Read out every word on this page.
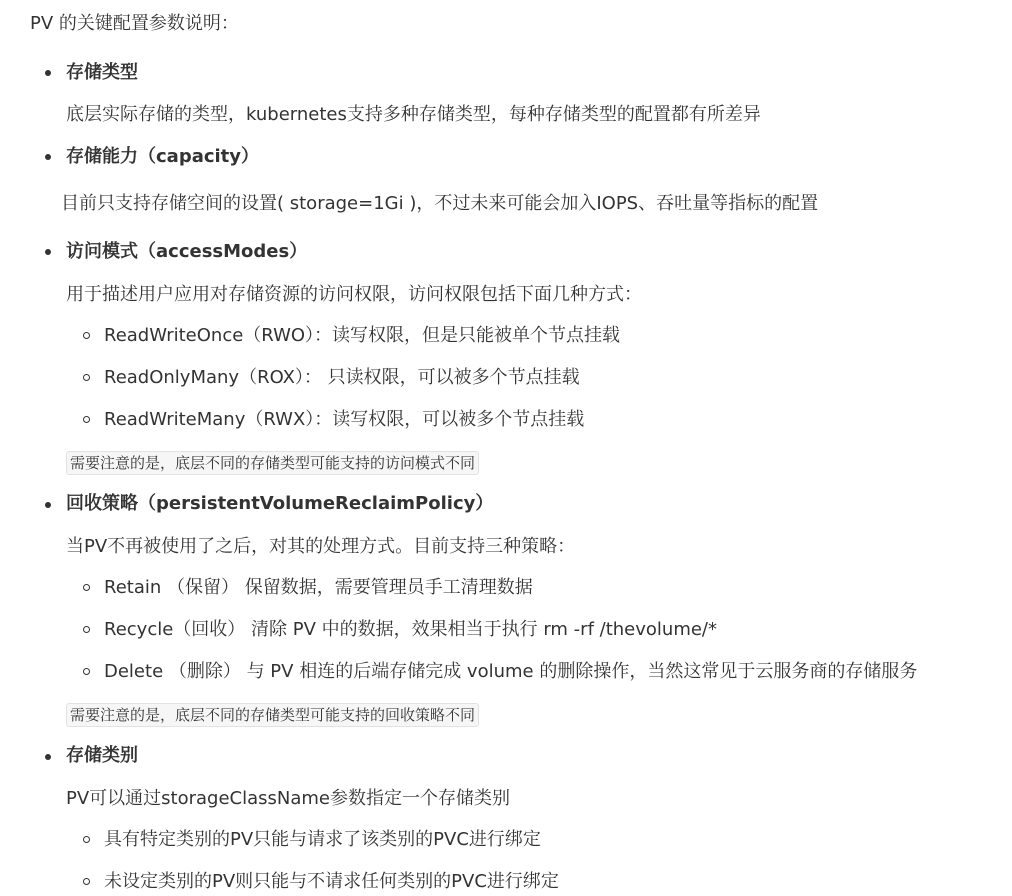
PV 的关键配置参数说明：
存储类型
底层实际存储的类型，kubernetes支持多种存储类型，每种存储类型的配置都有所差异
存储能力（capacity）
目前只支持存储空间的设置( storage=1Gi )，不过未来可能会加入IOPS、吞吐量等指标的配置
访问模式（accessModes）
用于描述用户应用对存储资源的访问权限，访问权限包括下面几种方式：
ReadWriteOnce（RWO）：读写权限，但是只能被单个节点挂载
ReadOnlyMany（ROX）： 只读权限，可以被多个节点挂载
ReadWriteMany（RWX）：读写权限，可以被多个节点挂载
需要注意的是，底层不同的存储类型可能支持的访问模式不同
回收策略（persistentVolumeReclaimPolicy）
当PV不再被使用了之后，对其的处理方式。目前支持三种策略：
Retain （保留） 保留数据，需要管理员手工清理数据
Recycle（回收） 清除 PV 中的数据，效果相当于执行 rm -rf /thevolume/*
Delete （删除） 与 PV 相连的后端存储完成 volume 的删除操作，当然这常见于云服务商的存储服务
需要注意的是，底层不同的存储类型可能支持的回收策略不同
存储类别
PV可以通过storageClassName参数指定一个存储类别
具有特定类别的PV只能与请求了该类别的PVC进行绑定
未设定类别的PV则只能与不请求任何类别的PVC进行绑定
